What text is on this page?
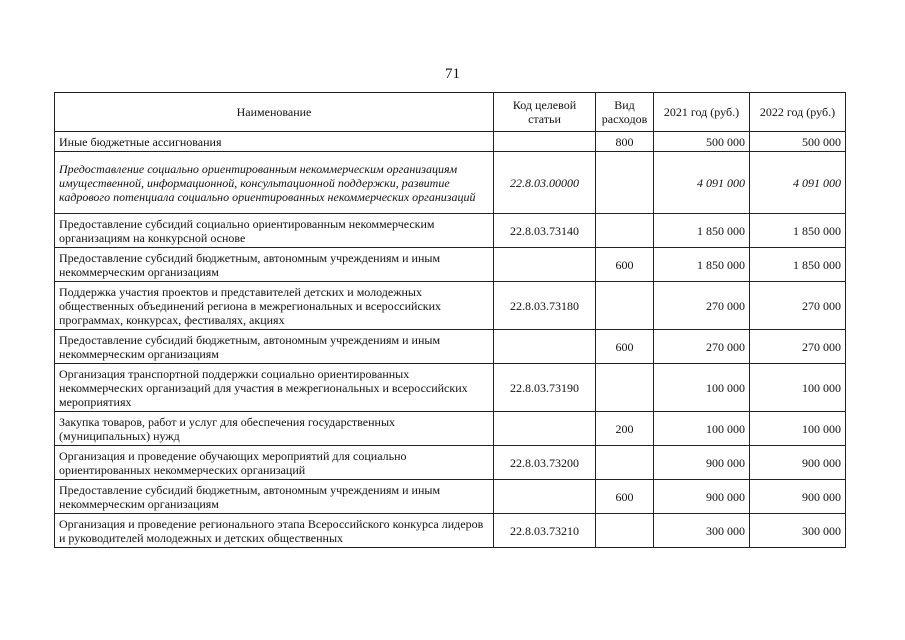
71
Наименование	Код целевой статьи	Вид расходов	2021 год (руб.)	2022 год (руб.)
Иные бюджетные ассигнования		800	500 000	500 000
Предоставление социально ориентированным некоммерческим организациям имущественной, информационной, консультационной поддержки, развитие кадрового потенциала социально ориентированных некоммерческих организаций	22.8.03.00000		4 091 000	4 091 000
Предоставление субсидий социально ориентированным некоммерческим организациям на конкурсной основе	22.8.03.73140		1 850 000	1 850 000
Предоставление субсидий бюджетным, автономным учреждениям и иным некоммерческим организациям		600	1 850 000	1 850 000
Поддержка участия проектов и представителей детских и молодежных общественных объединений региона в межрегиональных и всероссийских программах, конкурсах, фестивалях, акциях	22.8.03.73180		270 000	270 000
Предоставление субсидий бюджетным, автономным учреждениям и иным некоммерческим организациям		600	270 000	270 000
Организация транспортной поддержки социально ориентированных некоммерческих организаций для участия в межрегиональных и всероссийских мероприятиях	22.8.03.73190		100 000	100 000
Закупка товаров, работ и услуг для обеспечения государственных (муниципальных) нужд		200	100 000	100 000
Организация и проведение обучающих мероприятий для социально ориентированных некоммерческих организаций	22.8.03.73200		900 000	900 000
Предоставление субсидий бюджетным, автономным учреждениям и иным некоммерческим организациям		600	900 000	900 000
Организация и проведение регионального этапа Всероссийского конкурса лидеров и руководителей молодежных и детских общественных	22.8.03.73210		300 000	300 000
